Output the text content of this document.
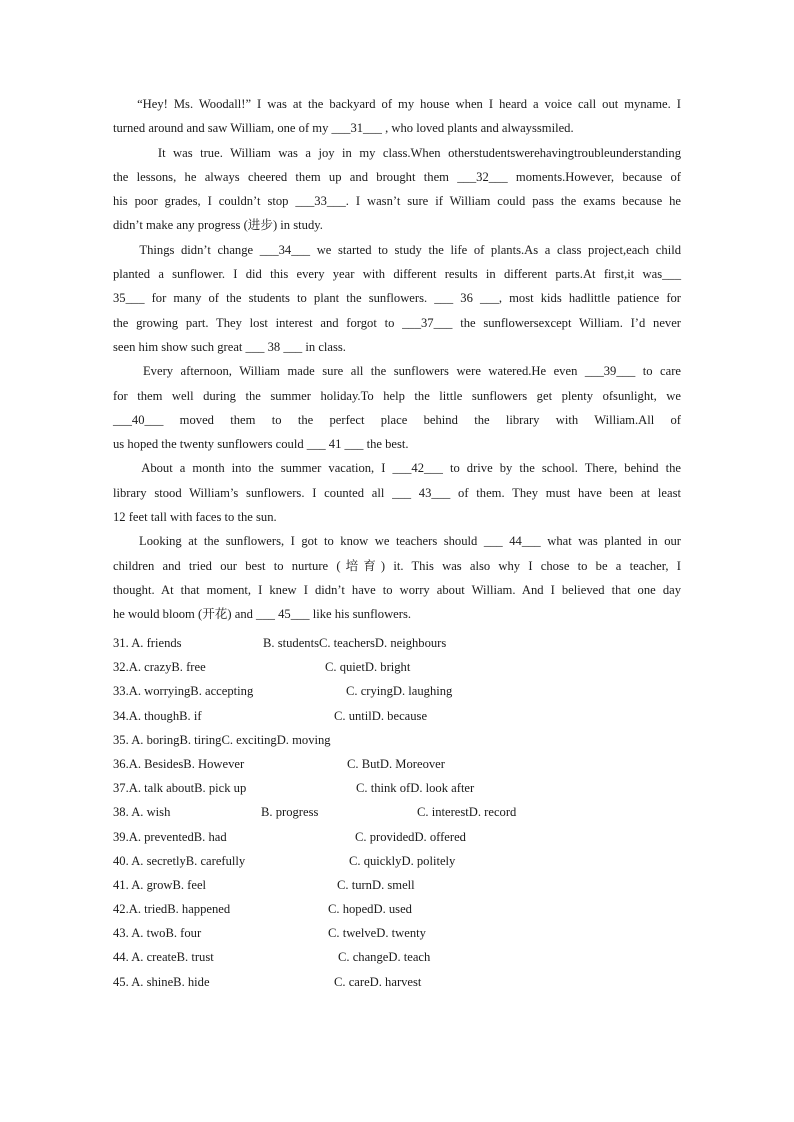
“Hey! Ms. Woodall!” I was at the backyard of my house when I heard a voice call out myname. I
turned around and saw William, one of my ___31___ , who loved plants and alwayssmiled.

It was true. William was a joy in my class.When otherstudentswerehavingtroubleunderstanding
the lessons, he always cheered them up and brought them ___32___ moments.However, because of
his poor grades, I couldn’t stop ___33___. I wasn’t sure if William could pass the exams because he
didn’t make any progress (进步) in study.

Things didn’t change ___34___ we started to study the life of plants.As a class project,each child
planted a sunflower. I did this every year with different results in different parts.At first,it was___
35___ for many of the students to plant the sunflowers. ___ 36 ___, most kids hadlittle patience for
the growing part. They lost interest and forgot to ___37___ the sunflowersexcept William. I’d never
seen him show such great ___ 38 ___ in class.

Every afternoon, William made sure all the sunflowers were watered.He even ___39___ to care
for them well during the summer holiday.To help the little sunflowers get plenty ofsunlight, we
___40___ moved them to the perfect place behind the library with William.All of
us hoped the twenty sunflowers could ___ 41 ___ the best.

About a month into the summer vacation, I ___42___ to drive by the school. There, behind the
library stood William’s sunflowers. I counted all ___ 43___ of them. They must have been at least
12 feet tall with faces to the sun.

Looking at the sunflowers, I got to know we teachers should ___ 44___ what was planted in our
children and tried our best to nurture (培育) it. This was also why I chose to be a teacher, I
thought. At that moment, I knew I didn’t have to worry about William. And I believed that one day
he would bloom (开花) and ___ 45___ like his sunflowers.

31. A. friends	B. studentsC. teachersD. neighbours
32.A. crazyB. free	C. quietD. bright
33.A. worryingB. accepting	C. cryingD. laughing
34.A. thoughB. if	C. untilD. because
35. A. boringB. tiringC. excitingD. moving
36.A. BesidesB. However	C. ButD. Moreover
37.A. talk aboutB. pick up	C. think ofD. look after
38. A. wish	B. progress	C. interestD. record
39.A. preventedB. had	C. providedD. offered
40. A. secretlyB. carefully	C. quicklyD. politely
41. A. growB. feel	C. turnD. smell
42.A. triedB. happened	C. hopedD. used
43. A. twoB. four	C. twelveD. twenty
44. A. createB. trust	C. changeD. teach
45. A. shineB. hide	C. careD. harvest
